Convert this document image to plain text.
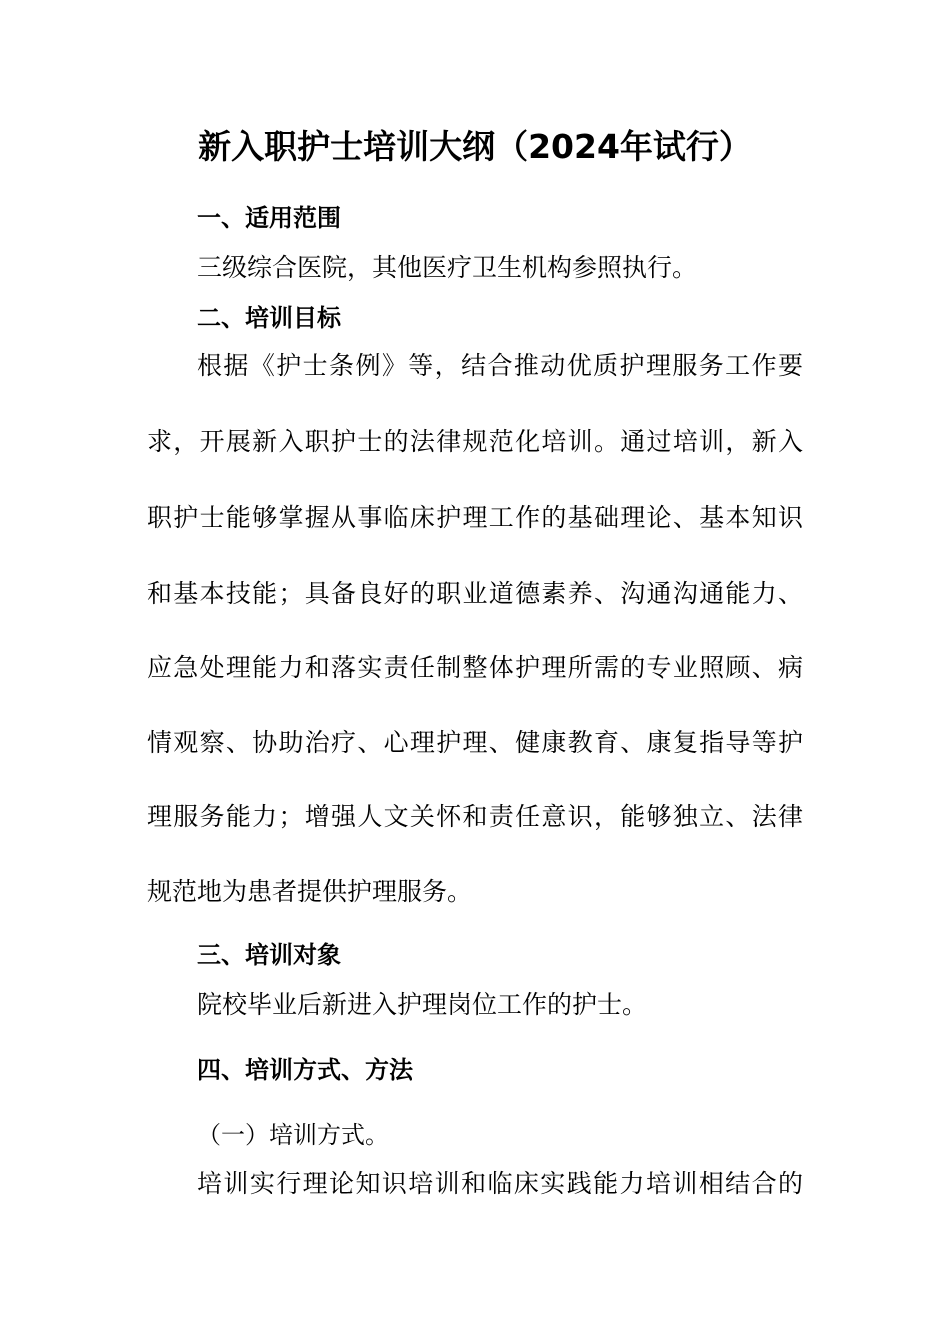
新入职护士培训大纲（2024年试行）
一、适用范围
三级综合医院，其他医疗卫生机构参照执行。
二、培训目标
根据《护士条例》等，结合推动优质护理服务工作要
求，开展新入职护士的法律规范化培训。通过培训，新入
职护士能够掌握从事临床护理工作的基础理论、基本知识
和基本技能；具备良好的职业道德素养、沟通沟通能力、
应急处理能力和落实责任制整体护理所需的专业照顾、病
情观察、协助治疗、心理护理、健康教育、康复指导等护
理服务能力；增强人文关怀和责任意识，能够独立、法律
规范地为患者提供护理服务。
三、培训对象
院校毕业后新进入护理岗位工作的护士。
四、培训方式、方法
（一）培训方式。
培训实行理论知识培训和临床实践能力培训相结合的
